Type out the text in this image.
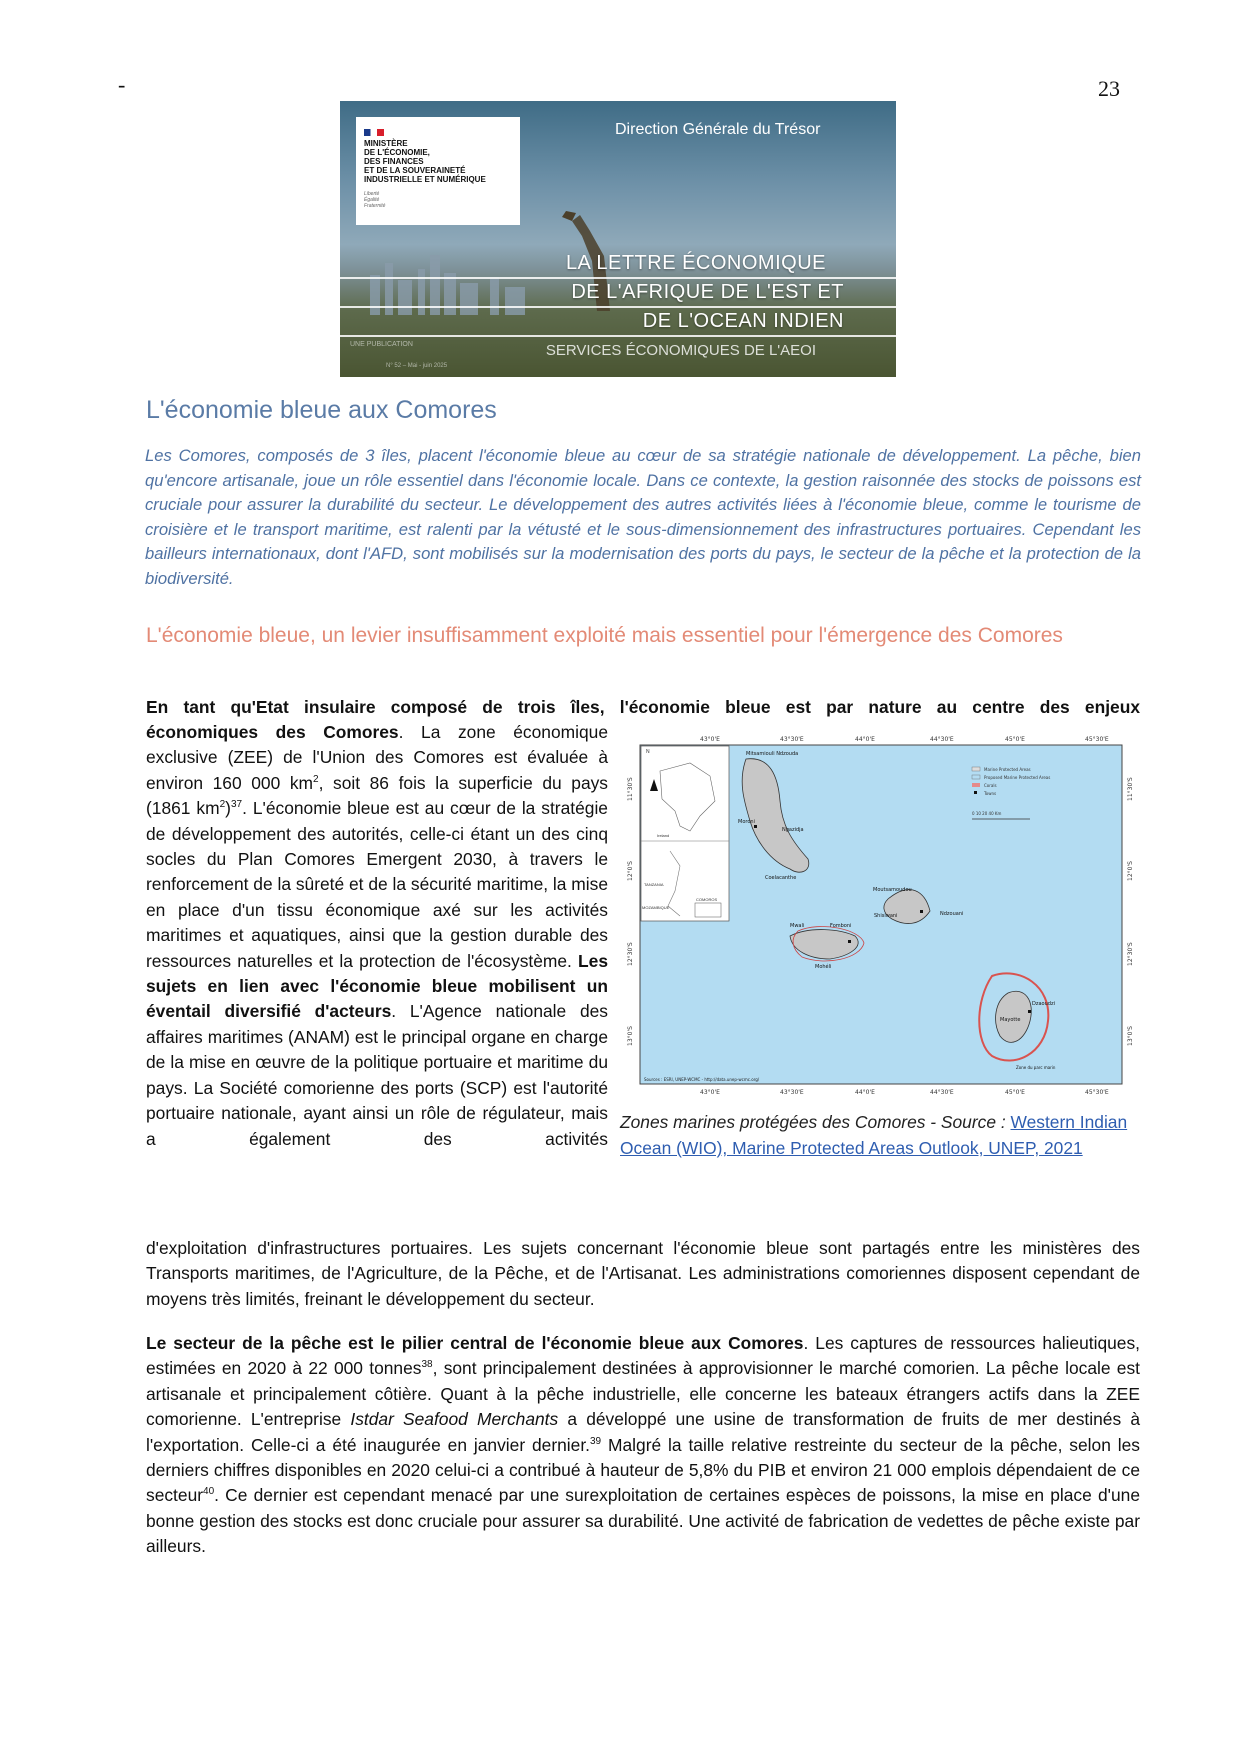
-	23
MINISTÈRE
DE L'ÉCONOMIE,
DES FINANCES
ET DE LA SOUVERAINETÉ
INDUSTRIELLE ET NUMÉRIQUE
Liberté
Égalité
Fraternité
Direction Générale du Trésor
LA LETTRE ÉCONOMIQUE
DE L'AFRIQUE DE L'EST ET
DE L'OCEAN INDIEN
UNE PUBLICATION	SERVICES ÉCONOMIQUES DE L'AEOI
N° 52 – Mai - juin 2025
L'économie bleue aux Comores
Les Comores, composés de 3 îles, placent l'économie bleue au cœur de sa stratégie nationale de développement. La pêche, bien qu'encore artisanale, joue un rôle essentiel dans l'économie locale. Dans ce contexte, la gestion raisonnée des stocks de poissons est cruciale pour assurer la durabilité du secteur. Le développement des autres activités liées à l'économie bleue, comme le tourisme de croisière et le transport maritime, est ralenti par la vétusté et le sous-dimensionnement des infrastructures portuaires. Cependant les bailleurs internationaux, dont l'AFD, sont mobilisés sur la modernisation des ports du pays, le secteur de la pêche et la protection de la biodiversité.
L'économie bleue, un levier insuffisamment exploité mais essentiel pour l'émergence des Comores
En tant qu'Etat insulaire composé de trois îles, l'économie bleue est par nature au centre des enjeux
économiques des Comores. La zone économique exclusive (ZEE) de l'Union des Comores est évaluée à environ 160 000 $km^2$, soit 86 fois la superficie du pays (1861 $km^2)^{37}$. L'économie bleue est au cœur de la stratégie de développement des autorités, celle-ci étant un des cinq socles du Plan Comores Emergent 2030, à travers le renforcement de la sûreté et de la sécurité maritime, la mise en place d'un tissu économique axé sur les activités maritimes et aquatiques, ainsi que la gestion durable des ressources naturelles et la protection de l'écosystème. Les sujets en lien avec l'économie bleue mobilisent un éventail diversifié d'acteurs. L'Agence nationale des affaires maritimes (ANAM) est le principal organe en charge de la mise en œuvre de la politique portuaire et maritime du pays. La Société comorienne des ports (SCP) est l'autorité portuaire nationale, ayant ainsi un rôle de régulateur, mais a également des activités
d'exploitation d'infrastructures portuaires. Les sujets concernant l'économie bleue sont partagés entre les ministères des Transports maritimes, de l'Agriculture, de la Pêche, et de l'Artisanat. Les administrations comoriennes disposent cependant de moyens très limités, freinant le développement du secteur.
Le secteur de la pêche est le pilier central de l'économie bleue aux Comores. Les captures de ressources halieutiques, estimées en 2020 à 22 000 tonnes$^{38}$, sont principalement destinées à approvisionner le marché comorien. La pêche locale est artisanale et principalement côtière. Quant à la pêche industrielle, elle concerne les bateaux étrangers actifs dans la ZEE comorienne. L'entreprise Istdar Seafood Merchants a développé une usine de transformation de fruits de mer destinés à l'exportation. Celle-ci a été inaugurée en janvier dernier.$^{39}$ Malgré la taille relative restreinte du secteur de la pêche, selon les derniers chiffres disponibles en 2020 celui-ci a contribué à hauteur de 5,8% du PIB et environ 21 000 emplois dépendaient de ce secteur$^{40}$. Ce dernier est cependant menacé par une surexploitation de certaines espèces de poissons, la mise en place d'une bonne gestion des stocks est donc cruciale pour assurer sa durabilité. Une activité de fabrication de vedettes de pêche existe par ailleurs.
43°0'E	43°30'E	44°0'E	44°30'E	45°0'E	45°30'E
43°0'E	43°30'E	44°0'E	44°30'E	45°0'E	45°30'E
11°30'S
12°0'S
12°30'S
13°0'S
11°30'S
12°0'S
12°30'S
13°0'S
N
Ireland
TANZANIA
MOZAMBIQUE
COMOROS
Marine Protected Areas
Proposed Marine Protected Areas
Corals
Towns
0 10 20 40 Km
Mitsamiouli Ndzouda
Moroni
Ngazidja
Coelacanthe
Mwali	Fomboni
Mohéli
Moutsamoudou
Ndzouani
Shisiwani
Dzaoudzi
Mayotte
Zone du parc marin
Sources : ESRI, UNEP-WCMC - http://data.unep-wcmc.org/
Zones marines protégées des Comores - Source : Western Indian Ocean (WIO), Marine Protected Areas Outlook, UNEP, 2021
